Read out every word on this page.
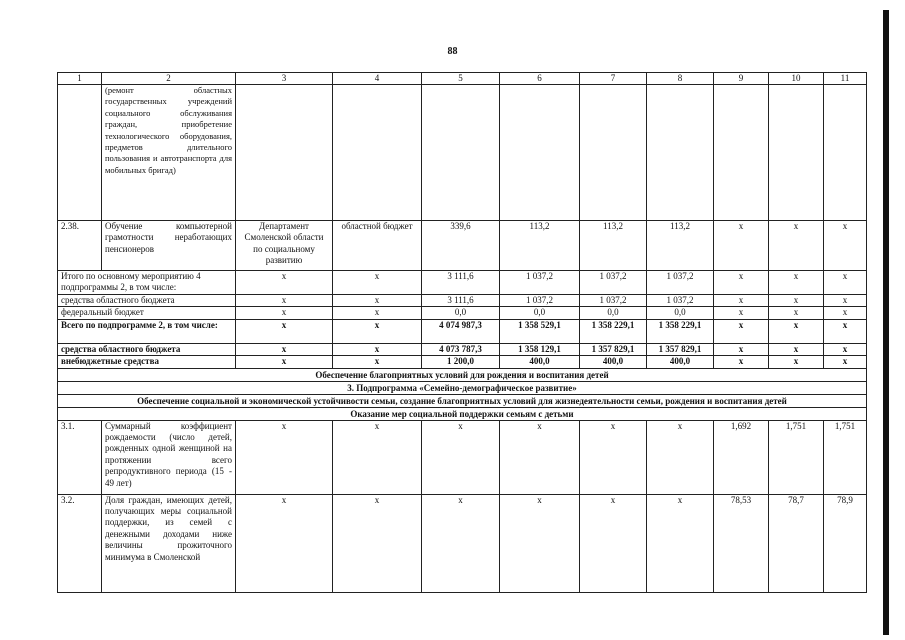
88
1	2	3	4	5	6	7	8	9	10	11
	(ремонт областных государственных учреждений социального обслуживания граждан, приобретение технологического оборудования, предметов длительного пользования и автотранспорта для мобильных бригад)									
2.38.	Обучение компьютерной грамотности неработающих пенсионеров	Департамент Смоленской области по социальному развитию	областной бюджет	339,6	113,2	113,2	113,2	x	x	x
Итого по основному мероприятию 4 подпрограммы 2, в том числе:		x	x	3 111,6	1 037,2	1 037,2	1 037,2	x	x	x
средства областного бюджета		x	x	3 111,6	1 037,2	1 037,2	1 037,2	x	x	x
федеральный бюджет		x	x	0,0	0,0	0,0	0,0	x	x	x
Всего по подпрограмме 2, в том числе:		x	x	4 074 987,3	1 358 529,1	1 358 229,1	1 358 229,1	x	x	x
средства областного бюджета		x	x	4 073 787,3	1 358 129,1	1 357 829,1	1 357 829,1	x	x	x
внебюджетные средства		x	x	1 200,0	400,0	400,0	400,0	x	x	x
Обеспечение благоприятных условий для рождения и воспитания детей										
3. Подпрограмма «Семейно-демографическое развитие»										
Обеспечение социальной и экономической устойчивости семьи, создание благоприятных условий для жизнедеятельности семьи, рождения и воспитания детей										
Оказание мер социальной поддержки семьям с детьми										
3.1.	Суммарный коэффициент рождаемости (число детей, рожденных одной женщиной на протяжении всего репродуктивного периода (15 - 49 лет)	x	x	x	x	x	x	1,692	1,751	1,751
3.2.	Доля граждан, имеющих детей, получающих меры социальной поддержки, из семей с денежными доходами ниже величины прожиточного минимума в Смоленской	x	x	x	x	x	x	78,53	78,7	78,9
